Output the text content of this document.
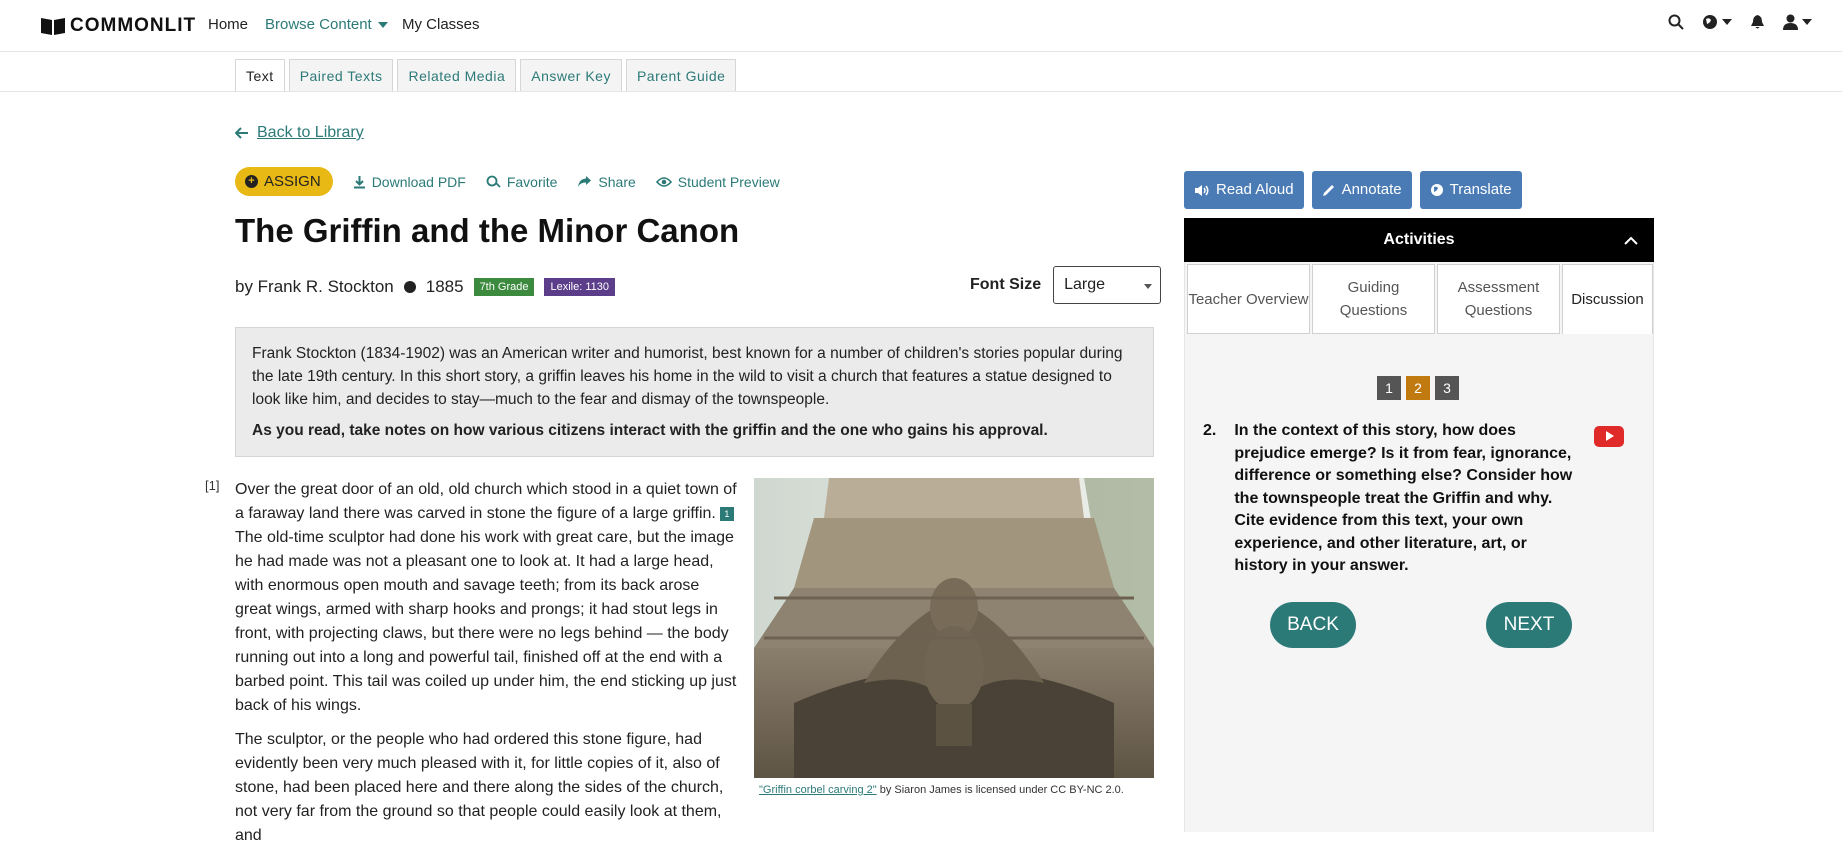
COMMONLIT Home Browse Content	My Classes
Text	Paired Texts	Related Media	Answer Key	Parent Guide
Back to Library
+ ASSIGN	Download PDF	Favorite	Share	Student Preview
The Griffin and the Minor Canon
by Frank R. Stockton 1885	7th Grade	Lexile: 1130	Font Size	Large
Frank Stockton (1834-1902) was an American writer and humorist, best known for a number of children's stories popular during the late 19th century. In this short story, a griffin leaves his home in the wild to visit a church that features a statue designed to look like him, and decides to stay—much to the fear and dismay of the townspeople.
As you read, take notes on how various citizens interact with the griffin and the one who gains his approval.
[1] Over the great door of an old, old church which stood in a quiet town of a faraway land there was carved in stone the figure of a large griffin. 1 The old-time sculptor had done his work with great care, but the image he had made was not a pleasant one to look at. It had a large head, with enormous open mouth and savage teeth; from its back arose great wings, armed with sharp hooks and prongs; it had stout legs in front, with projecting claws, but there were no legs behind — the body running out into a long and powerful tail, finished off at the end with a barbed point. This tail was coiled up under him, the end sticking up just back of his wings.

The sculptor, or the people who had ordered this stone figure, had evidently been very much pleased with it, for little copies of it, also of stone, had been placed here and there along the sides of the church, not very far from the ground so that people could easily look at them, and

"Griffin corbel carving 2" by Siaron James is licensed under CC BY-NC 2.0.
Read Aloud	Annotate	Translate
Activities
Teacher Overview
Guiding Questions
Assessment Questions
Discussion
1	2	3
2. In the context of this story, how does prejudice emerge? Is it from fear, ignorance, difference or something else? Consider how the townspeople treat the Griffin and why. Cite evidence from this text, your own experience, and other literature, art, or history in your answer.
BACK	NEXT
